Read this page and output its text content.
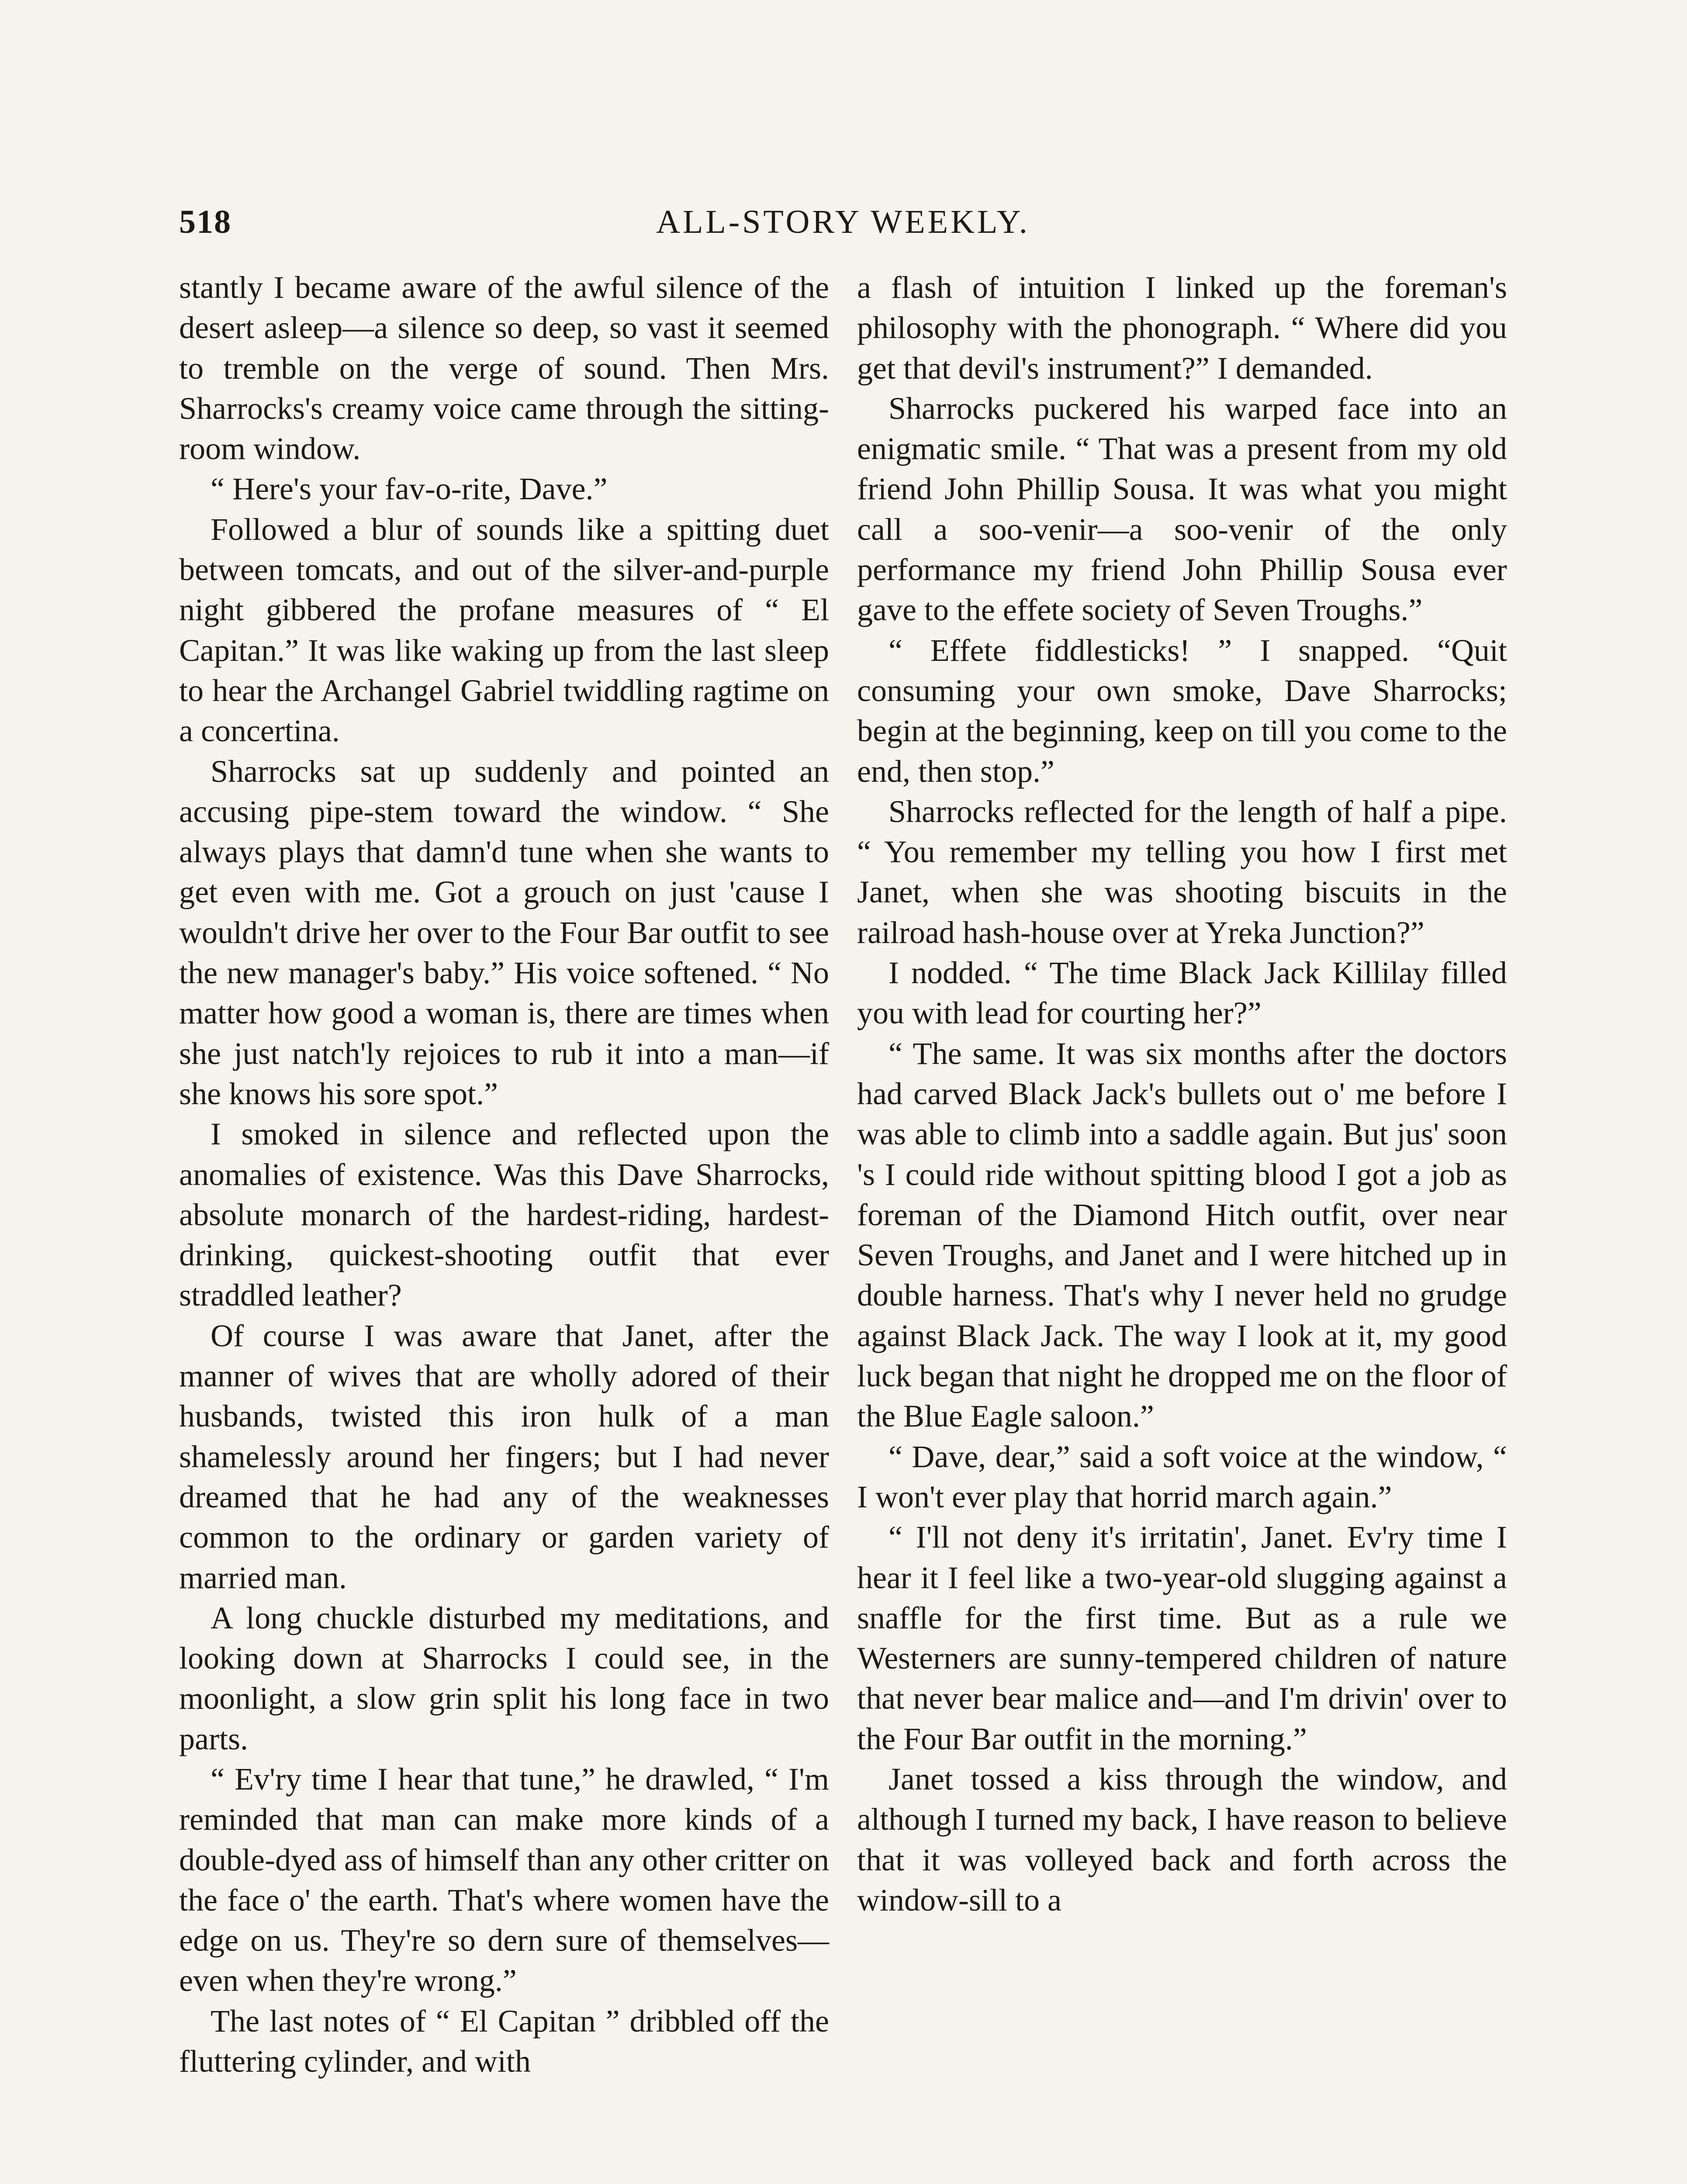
518	ALL-STORY WEEKLY.

stantly I became aware of the awful silence of the desert asleep—a silence so deep, so vast it seemed to tremble on the verge of sound. Then Mrs. Sharrocks's creamy voice came through the sitting-room window.

“ Here's your fav-o-rite, Dave.”

Followed a blur of sounds like a spitting duet between tomcats, and out of the silver-and-purple night gibbered the profane measures of “ El Capitan.” It was like waking up from the last sleep to hear the Archangel Gabriel twiddling ragtime on a concertina.

Sharrocks sat up suddenly and pointed an accusing pipe-stem toward the window. “ She always plays that damn'd tune when she wants to get even with me. Got a grouch on just 'cause I wouldn't drive her over to the Four Bar outfit to see the new manager's baby.” His voice softened. “ No matter how good a woman is, there are times when she just natch'ly rejoices to rub it into a man—if she knows his sore spot.”

I smoked in silence and reflected upon the anomalies of existence. Was this Dave Sharrocks, absolute monarch of the hardest-riding, hardest-drinking, quickest-shooting outfit that ever straddled leather?

Of course I was aware that Janet, after the manner of wives that are wholly adored of their husbands, twisted this iron hulk of a man shamelessly around her fingers; but I had never dreamed that he had any of the weaknesses common to the ordinary or garden variety of married man.

A long chuckle disturbed my meditations, and looking down at Sharrocks I could see, in the moonlight, a slow grin split his long face in two parts.

“ Ev'ry time I hear that tune,” he drawled, “ I'm reminded that man can make more kinds of a double-dyed ass of himself than any other critter on the face o' the earth. That's where women have the edge on us. They're so dern sure of themselves—even when they're wrong.”

The last notes of “ El Capitan ” dribbled off the fluttering cylinder, and with

a flash of intuition I linked up the foreman's philosophy with the phonograph. “ Where did you get that devil's instrument?” I demanded.

Sharrocks puckered his warped face into an enigmatic smile. “ That was a present from my old friend John Phillip Sousa. It was what you might call a soo-venir—a soo-venir of the only performance my friend John Phillip Sousa ever gave to the effete society of Seven Troughs.”

“ Effete fiddlesticks! ” I snapped. “Quit consuming your own smoke, Dave Sharrocks; begin at the beginning, keep on till you come to the end, then stop.”

Sharrocks reflected for the length of half a pipe. “ You remember my telling you how I first met Janet, when she was shooting biscuits in the railroad hash-house over at Yreka Junction?”

I nodded. “ The time Black Jack Killilay filled you with lead for courting her?”

“ The same. It was six months after the doctors had carved Black Jack's bullets out o' me before I was able to climb into a saddle again. But jus' soon 's I could ride without spitting blood I got a job as foreman of the Diamond Hitch outfit, over near Seven Troughs, and Janet and I were hitched up in double harness. That's why I never held no grudge against Black Jack. The way I look at it, my good luck began that night he dropped me on the floor of the Blue Eagle saloon.”

“ Dave, dear,” said a soft voice at the window, “ I won't ever play that horrid march again.”

“ I'll not deny it's irritatin', Janet. Ev'ry time I hear it I feel like a two-year-old slugging against a snaffle for the first time. But as a rule we Westerners are sunny-tempered children of nature that never bear malice and—and I'm drivin' over to the Four Bar outfit in the morning.”

Janet tossed a kiss through the window, and although I turned my back, I have reason to believe that it was volleyed back and forth across the window-sill to a
